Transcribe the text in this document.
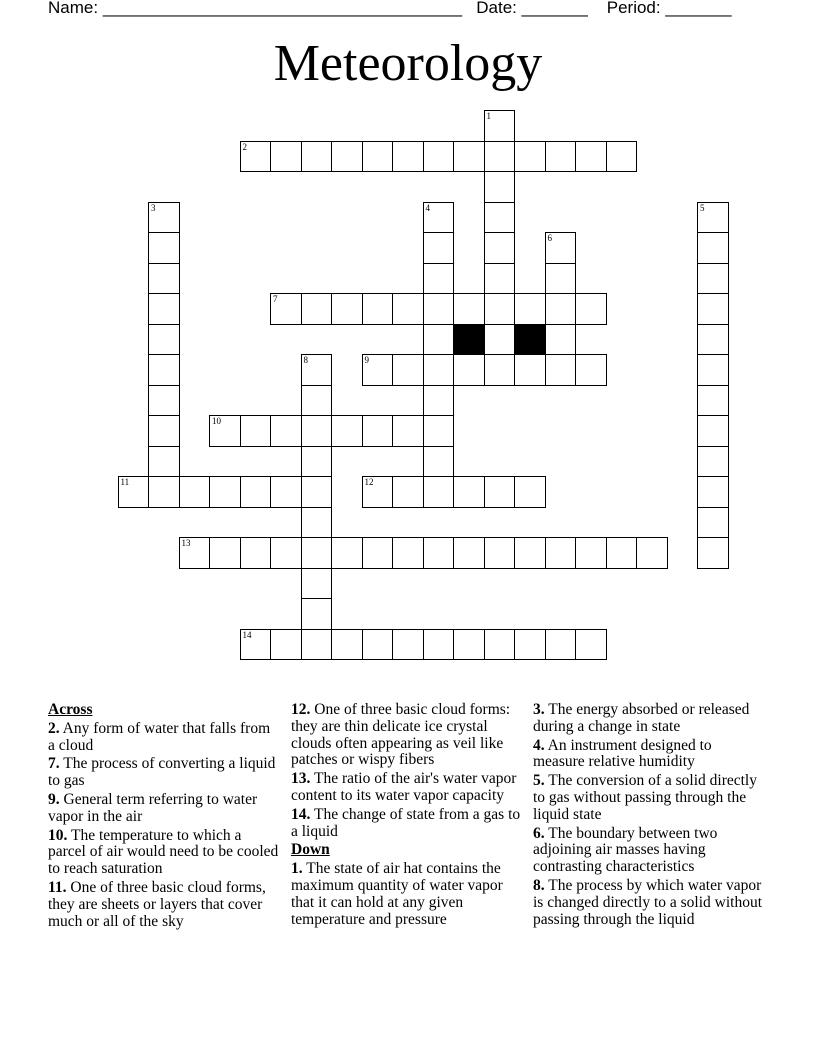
Name: ______________________________________ Date: _______ Period: _______
Meteorology
1
2
3	4	5
6
7
8	9
10
11	12
13
14
Across
2. Any form of water that falls from a cloud
7. The process of converting a liquid to gas
9. General term referring to water vapor in the air
10. The temperature to which a parcel of air would need to be cooled to reach saturation
11. One of three basic cloud forms, they are sheets or layers that cover much or all of the sky
12. One of three basic cloud forms: they are thin delicate ice crystal clouds often appearing as veil like patches or wispy fibers
13. The ratio of the air's water vapor content to its water vapor capacity
14. The change of state from a gas to a liquid
Down
1. The state of air hat contains the maximum quantity of water vapor that it can hold at any given temperature and pressure
3. The energy absorbed or released during a change in state
4. An instrument designed to measure relative humidity
5. The conversion of a solid directly to gas without passing through the liquid state
6. The boundary between two adjoining air masses having contrasting characteristics
8. The process by which water vapor is changed directly to a solid without passing through the liquid
